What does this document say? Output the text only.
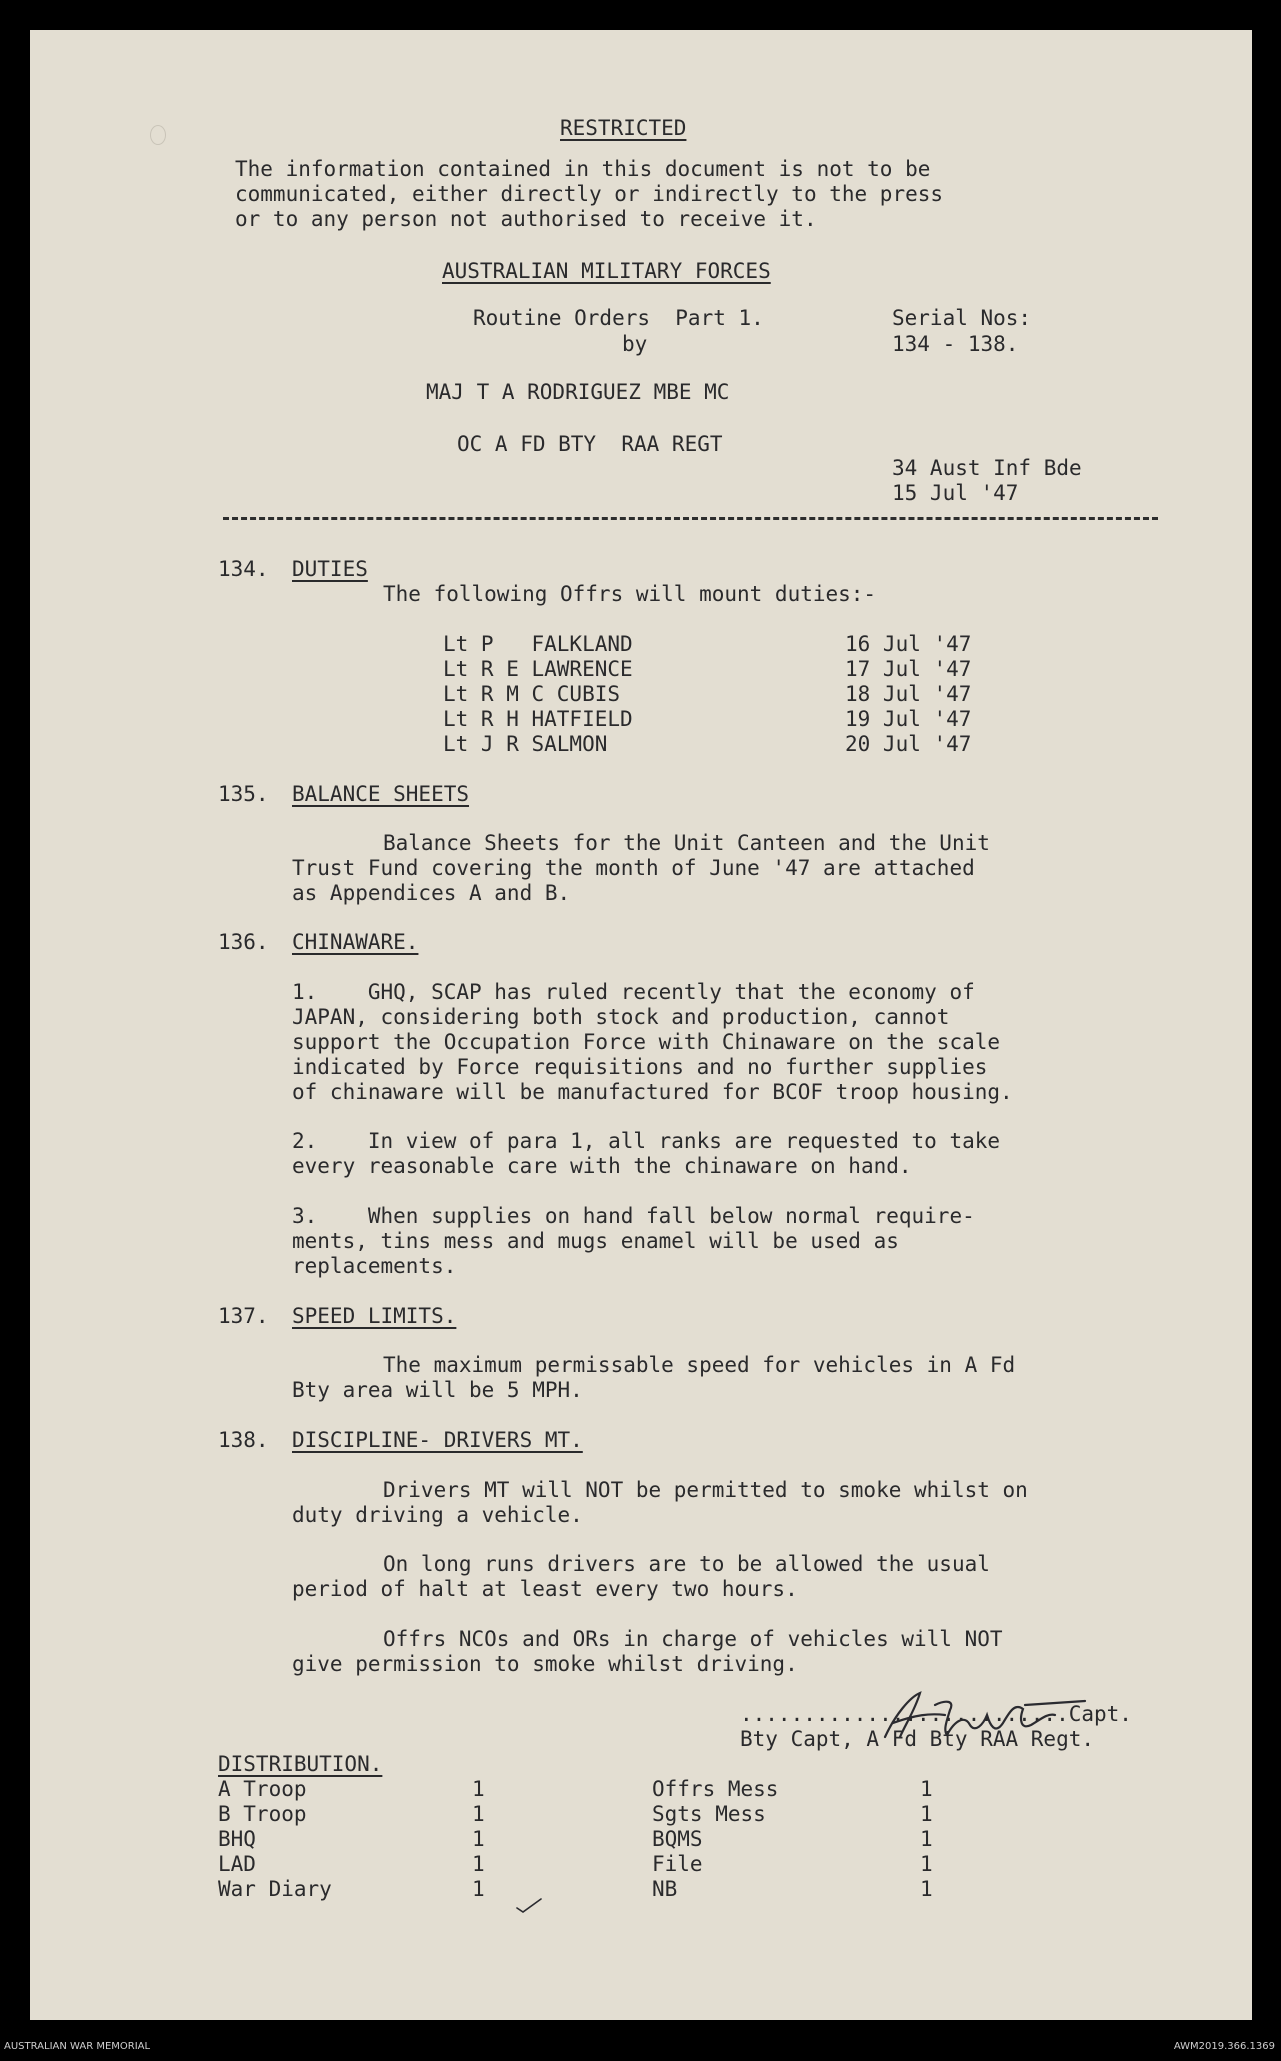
RESTRICTED
The information contained in this document is not to be
communicated, either directly or indirectly to the press
or to any person not authorised to receive it.
AUSTRALIAN MILITARY FORCES
Routine Orders  Part 1.
by
Serial Nos:
134 - 138.
MAJ T A RODRIGUEZ MBE MC
OC A FD BTY  RAA REGT
34 Aust Inf Bde
15 Jul '47
134. DUTIES
The following Offrs will mount duties:-
Lt P   FALKLAND	16 Jul '47
Lt R E LAWRENCE	17 Jul '47
Lt R M C CUBIS	18 Jul '47
Lt R H HATFIELD	19 Jul '47
Lt J R SALMON	20 Jul '47
135. BALANCE SHEETS
Balance Sheets for the Unit Canteen and the Unit
Trust Fund covering the month of June '47 are attached
as Appendices A and B.
136. CHINAWARE.
1.    GHQ, SCAP has ruled recently that the economy of
JAPAN, considering both stock and production, cannot
support the Occupation Force with Chinaware on the scale
indicated by Force requisitions and no further supplies
of chinaware will be manufactured for BCOF troop housing.
2.    In view of para 1, all ranks are requested to take
every reasonable care with the chinaware on hand.
3.    When supplies on hand fall below normal require-
ments, tins mess and mugs enamel will be used as
replacements.
137. SPEED LIMITS.
The maximum permissable speed for vehicles in A Fd
Bty area will be 5 MPH.
138. DISCIPLINE- DRIVERS MT.
Drivers MT will NOT be permitted to smoke whilst on
duty driving a vehicle.
On long runs drivers are to be allowed the usual
period of halt at least every two hours.
Offrs NCOs and ORs in charge of vehicles will NOT
give permission to smoke whilst driving.
..........................Capt.
Bty Capt, A Fd Bty RAA Regt.
DISTRIBUTION.
A Troop	1	Offrs Mess	1
B Troop	1	Sgts Mess	1
BHQ	1	BQMS	1
LAD	1	File	1
War Diary	1	NB	1
AUSTRALIAN WAR MEMORIAL	AWM2019.366.1369
